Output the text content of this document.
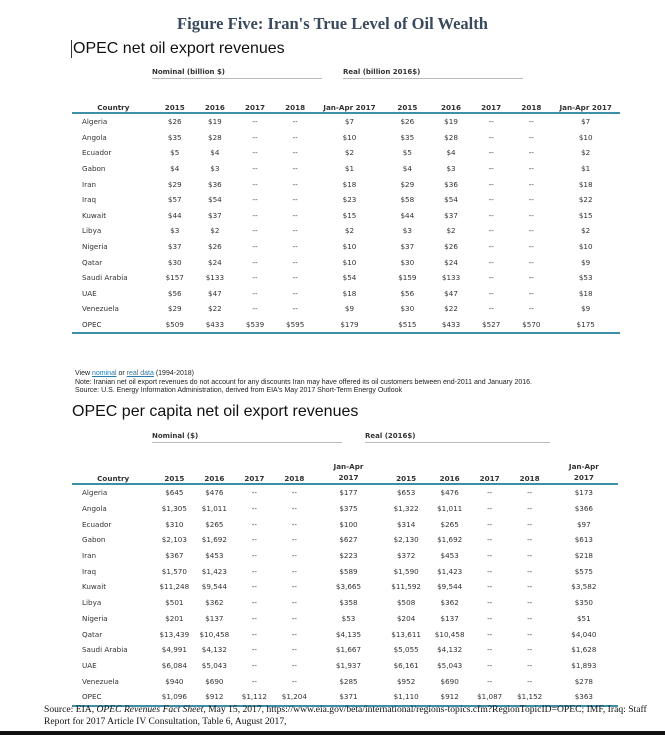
Figure Five: Iran's True Level of Oil Wealth
OPEC net oil export revenues
Nominal (billion $)	Real (billion 2016$)
Country	2015	2016	2017	2018	Jan-Apr 2017	2015	2016	2017	2018	Jan-Apr 2017
Algeria	$26	$19	--	--	$7	$26	$19	--	--	$7
Angola	$35	$28	--	--	$10	$35	$28	--	--	$10
Ecuador	$5	$4	--	--	$2	$5	$4	--	--	$2
Gabon	$4	$3	--	--	$1	$4	$3	--	--	$1
Iran	$29	$36	--	--	$18	$29	$36	--	--	$18
Iraq	$57	$54	--	--	$23	$58	$54	--	--	$22
Kuwait	$44	$37	--	--	$15	$44	$37	--	--	$15
Libya	$3	$2	--	--	$2	$3	$2	--	--	$2
Nigeria	$37	$26	--	--	$10	$37	$26	--	--	$10
Qatar	$30	$24	--	--	$10	$30	$24	--	--	$9
Saudi Arabia	$157	$133	--	--	$54	$159	$133	--	--	$53
UAE	$56	$47	--	--	$18	$56	$47	--	--	$18
Venezuela	$29	$22	--	--	$9	$30	$22	--	--	$9
OPEC	$509	$433	$539	$595	$179	$515	$433	$527	$570	$175
View nominal or real data (1994-2018)
Note: Iranian net oil export revenues do not account for any discounts Iran may have offered its oil customers between end-2011 and January 2016.
Source: U.S. Energy Information Administration, derived from EIA's May 2017 Short-Term Energy Outlook
OPEC per capita net oil export revenues
Nominal ($)	Real (2016$)
Country	2015	2016	2017	2018	Jan-Apr 2017	2015	2016	2017	2018	Jan-Apr 2017
Algeria	$645	$476	--	--	$177	$653	$476	--	--	$173
Angola	$1,305	$1,011	--	--	$375	$1,322	$1,011	--	--	$366
Ecuador	$310	$265	--	--	$100	$314	$265	--	--	$97
Gabon	$2,103	$1,692	--	--	$627	$2,130	$1,692	--	--	$613
Iran	$367	$453	--	--	$223	$372	$453	--	--	$218
Iraq	$1,570	$1,423	--	--	$589	$1,590	$1,423	--	--	$575
Kuwait	$11,248	$9,544	--	--	$3,665	$11,592	$9,544	--	--	$3,582
Libya	$501	$362	--	--	$358	$508	$362	--	--	$350
Nigeria	$201	$137	--	--	$53	$204	$137	--	--	$51
Qatar	$13,439	$10,458	--	--	$4,135	$13,611	$10,458	--	--	$4,040
Saudi Arabia	$4,991	$4,132	--	--	$1,667	$5,055	$4,132	--	--	$1,628
UAE	$6,084	$5,043	--	--	$1,937	$6,161	$5,043	--	--	$1,893
Venezuela	$940	$690	--	--	$285	$952	$690	--	--	$278
OPEC	$1,096	$912	$1,112	$1,204	$371	$1,110	$912	$1,087	$1,152	$363
Source: EIA, OPEC Revenues Fact Sheet, May 15, 2017, https://www.eia.gov/beta/international/regions-topics.cfm?RegionTopicID=OPEC; IMF, Iraq: Staff Report for 2017 Article IV Consultation, Table 6, August 2017,
